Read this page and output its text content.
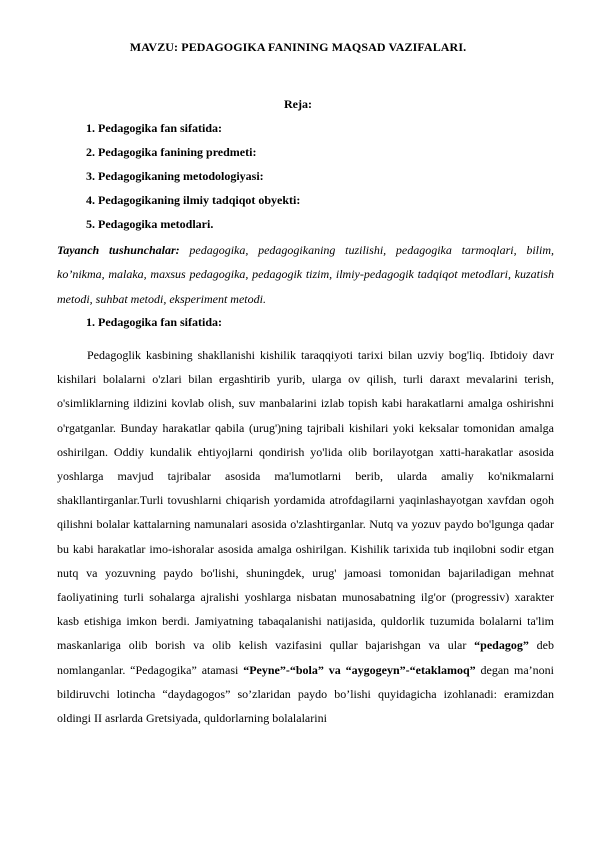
MAVZU: PEDAGOGIKA FANINING MAQSAD VAZIFALARI.
Reja:
1. Pedagogika fan sifatida:
2. Pedagogika fanining predmeti:
3. Pedagogikaning metodologiyasi:
4. Pedagogikaning ilmiy tadqiqot obyekti:
5. Pedagogika metodlari.

Tayanch tushunchalar: pedagogika, pedagogikaning tuzilishi, pedagogika tarmoqlari, bilim, ko’nikma, malaka, maxsus pedagogika, pedagogik tizim, ilmiy-pedagogik tadqiqot metodlari, kuzatish metodi, suhbat metodi, eksperiment metodi.

1. Pedagogika fan sifatida:

Pedagoglik kasbining shakllanishi kishilik taraqqiyoti tarixi bilan uzviy bog'liq. Ibtidoiy davr kishilari bolalarni o'zlari bilan ergashtirib yurib, ularga ov qilish, turli daraxt mevalarini terish, o'simliklarning ildizini kovlab olish, suv manbalarini izlab topish kabi harakatlarni amalga oshirishni o'rgatganlar. Bunday harakatlar qabila (urug')ning tajribali kishilari yoki keksalar tomonidan amalga oshirilgan. Oddiy kundalik ehtiyojlarni qondirish yo'lida olib borilayotgan xatti-harakatlar asosida yoshlarga mavjud tajribalar asosida ma'lumotlarni berib, ularda amaliy ko'nikmalarni shakllantirganlar.Turli tovushlarni chiqarish yordamida atrofdagilarni yaqinlashayotgan xavfdan ogoh qilishni bolalar kattalarning namunalari asosida o'zlashtirganlar. Nutq va yozuv paydo bo'lgunga qadar bu kabi harakatlar imo-ishoralar asosida amalga oshirilgan. Kishilik tarixida tub inqilobni sodir etgan nutq va yozuvning paydo bo'lishi, shuningdek, urug' jamoasi tomonidan bajariladigan mehnat faoliyatining turli sohalarga ajralishi yoshlarga nisbatan munosabatning ilg'or (progressiv) xarakter kasb etishiga imkon berdi. Jamiyatning tabaqalanishi natijasida, quldorlik tuzumida bolalarni ta'lim maskanlariga olib borish va olib kelish vazifasini qullar bajarishgan va ular “pedagog” deb nomlanganlar. “Pedagogika” atamasi “Peyne”-“bola” va “aygogeyn”-“etaklamoq” degan ma’noni bildiruvchi lotincha “daydagogos” so’zlaridan paydo bo’lishi quyidagicha izohlanadi: eramizdan oldingi II asrlarda Gretsiyada, quldorlarning bolalalarini
